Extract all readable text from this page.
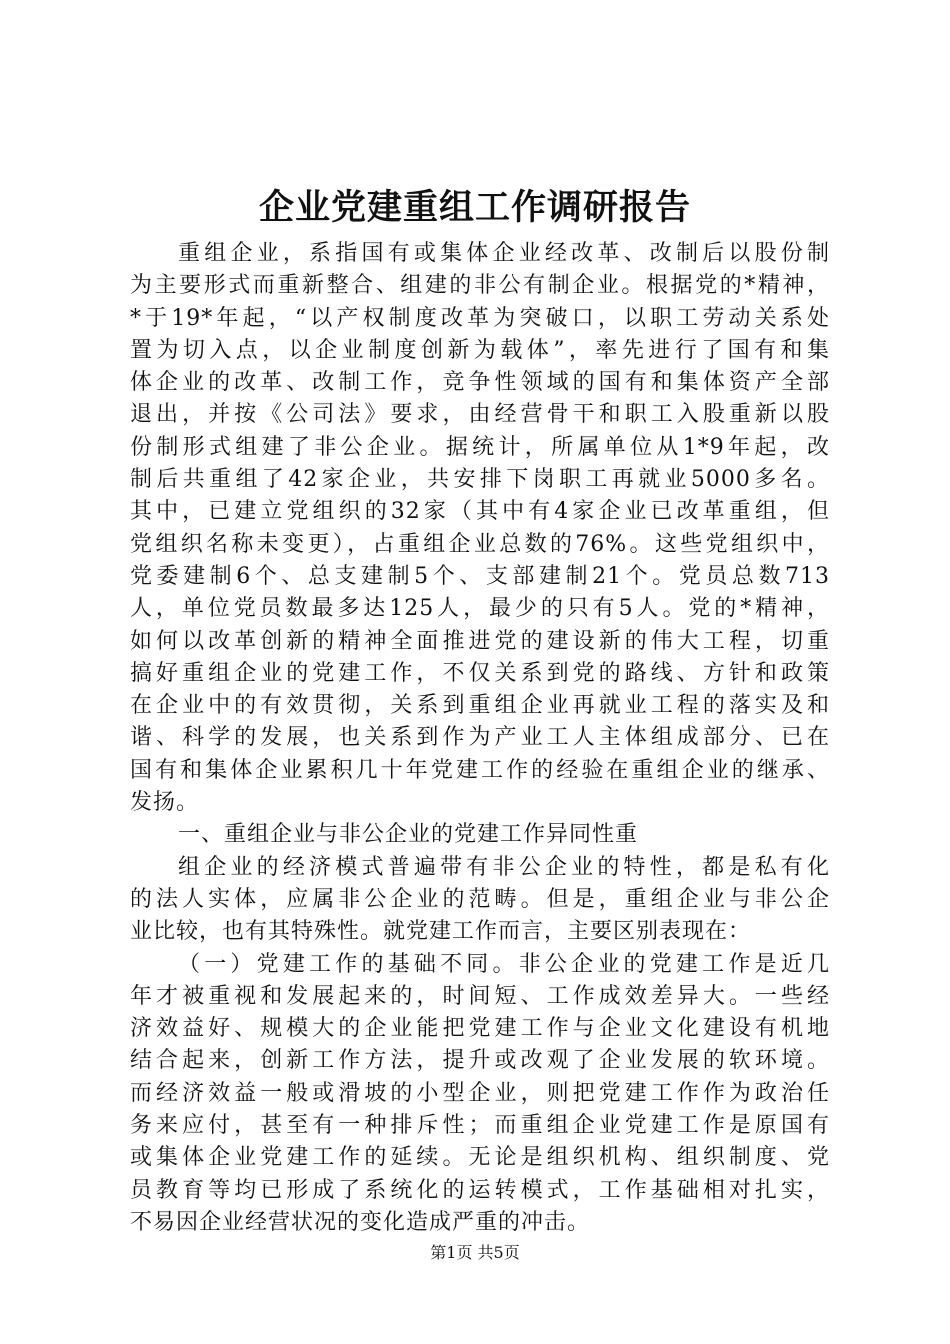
企业党建重组工作调研报告
重组企业，系指国有或集体企业经改革、改制后以股份制
为主要形式而重新整合、组建的非公有制企业。根据党的*精神，
*于19*年起，“以产权制度改革为突破口，以职工劳动关系处
置为切入点，以企业制度创新为载体”，率先进行了国有和集
体企业的改革、改制工作，竞争性领域的国有和集体资产全部
退出，并按《公司法》要求，由经营骨干和职工入股重新以股
份制形式组建了非公企业。据统计，所属单位从1*9年起，改
制后共重组了42家企业，共安排下岗职工再就业5000多名。
其中，已建立党组织的32家（其中有4家企业已改革重组，但
党组织名称未变更），占重组企业总数的76%。这些党组织中，
党委建制6个、总支建制5个、支部建制21个。党员总数713
人，单位党员数最多达125人，最少的只有5人。党的*精神，
如何以改革创新的精神全面推进党的建设新的伟大工程，切重
搞好重组企业的党建工作，不仅关系到党的路线、方针和政策
在企业中的有效贯彻，关系到重组企业再就业工程的落实及和
谐、科学的发展，也关系到作为产业工人主体组成部分、已在
国有和集体企业累积几十年党建工作的经验在重组企业的继承、
发扬。
一、重组企业与非公企业的党建工作异同性重
组企业的经济模式普遍带有非公企业的特性，都是私有化
的法人实体，应属非公企业的范畴。但是，重组企业与非公企
业比较，也有其特殊性。就党建工作而言，主要区别表现在：
（一）党建工作的基础不同。非公企业的党建工作是近几
年才被重视和发展起来的，时间短、工作成效差异大。一些经
济效益好、规模大的企业能把党建工作与企业文化建设有机地
结合起来，创新工作方法，提升或改观了企业发展的软环境。
而经济效益一般或滑坡的小型企业，则把党建工作作为政治任
务来应付，甚至有一种排斥性；而重组企业党建工作是原国有
或集体企业党建工作的延续。无论是组织机构、组织制度、党
员教育等均已形成了系统化的运转模式，工作基础相对扎实，
不易因企业经营状况的变化造成严重的冲击。
第1页 共5页
